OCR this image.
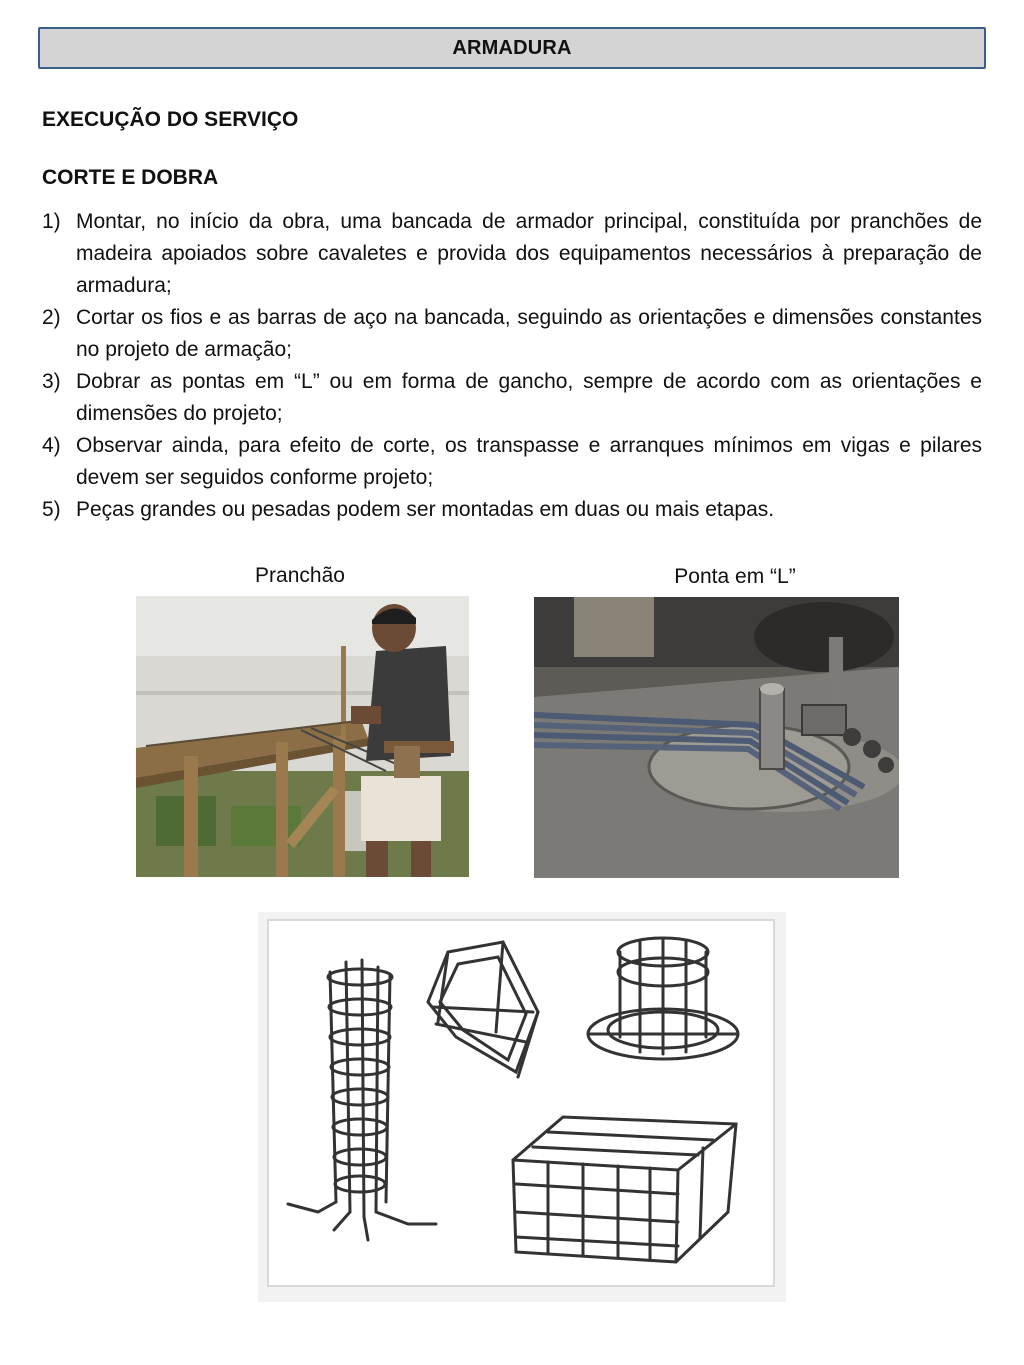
ARMADURA
EXECUÇÃO DO SERVIÇO
CORTE E DOBRA
1) Montar, no início da obra, uma bancada de armador principal, constituída por pranchões de madeira apoiados sobre cavaletes e provida dos equipamentos necessários à preparação de armadura;
2) Cortar os fios e as barras de aço na bancada, seguindo as orientações e dimensões constantes no projeto de armação;
3) Dobrar as pontas em “L” ou em forma de gancho, sempre de acordo com as orientações e dimensões do projeto;
4) Observar ainda, para efeito de corte, os transpasse e arranques mínimos em vigas e pilares devem ser seguidos conforme projeto;
5) Peças grandes ou pesadas podem ser montadas em duas ou mais etapas.
Pranchão	Ponta em “L”
